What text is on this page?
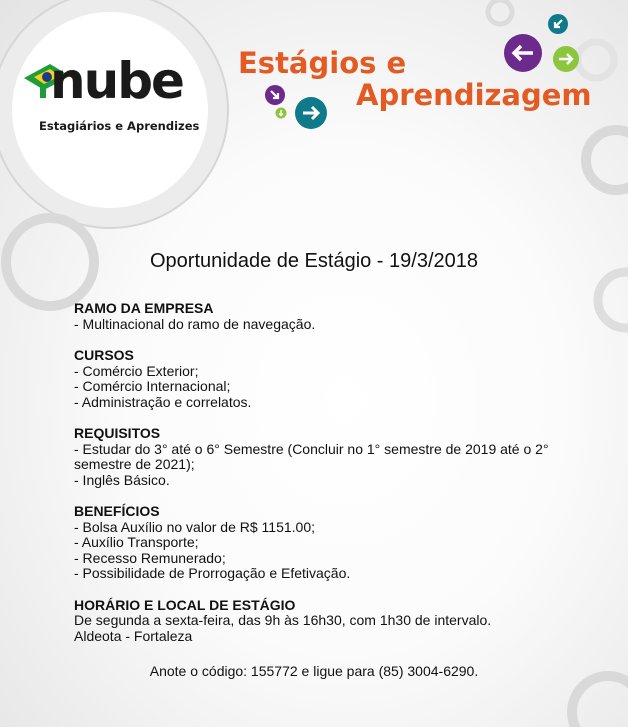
nube
Estagiários e Aprendizes
Estágios e
Aprendizagem
Oportunidade de Estágio - 19/3/2018
RAMO DA EMPRESA

- Multinacional do ramo de navegação.

CURSOS

- Comércio Exterior;

- Comércio Internacional;

- Administração e correlatos.

REQUISITOS

- Estudar do 3° até o 6° Semestre (Concluir no 1° semestre de 2019 até o 2° semestre de 2021);

- Inglês Básico.

BENEFÍCIOS

- Bolsa Auxílio no valor de R$ 1151.00;

- Auxílio Transporte;

- Recesso Remunerado;

- Possibilidade de Prorrogação e Efetivação.

HORÁRIO E LOCAL DE ESTÁGIO

De segunda a sexta-feira, das 9h às 16h30, com 1h30 de intervalo.

Aldeota - Fortaleza

Anote o código: 155772 e ligue para (85) 3004-6290.
